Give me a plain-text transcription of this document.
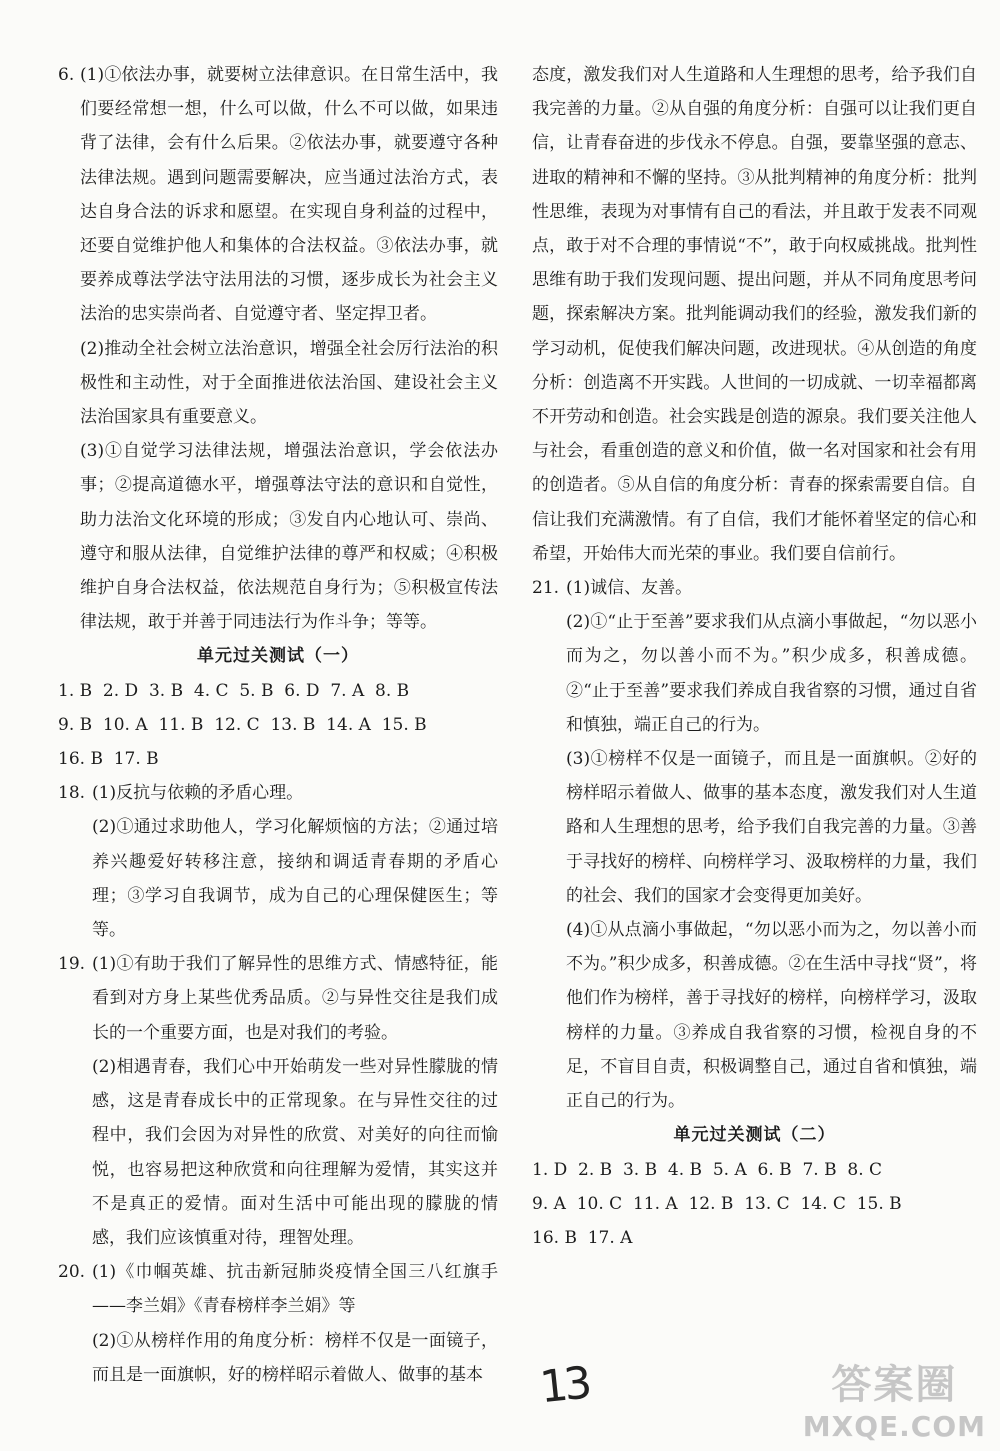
6. (1)①依法办事，就要树立法律意识。在日常生活中，我们要经常想一想，什么可以做，什么不可以做，如果违背了法律，会有什么后果。②依法办事，就要遵守各种法律法规。遇到问题需要解决，应当通过法治方式，表达自身合法的诉求和愿望。在实现自身利益的过程中，还要自觉维护他人和集体的合法权益。③依法办事，就要养成尊法学法守法用法的习惯，逐步成长为社会主义法治的忠实崇尚者、自觉遵守者、坚定捍卫者。

(2)推动全社会树立法治意识，增强全社会厉行法治的积极性和主动性，对于全面推进依法治国、建设社会主义法治国家具有重要意义。

(3)①自觉学习法律法规，增强法治意识，学会依法办事；②提高道德水平，增强尊法守法的意识和自觉性，助力法治文化环境的形成；③发自内心地认可、崇尚、遵守和服从法律，自觉维护法律的尊严和权威；④积极维护自身合法权益，依法规范自身行为；⑤积极宣传法律法规，敢于并善于同违法行为作斗争；等等。

单元过关测试（一）
1. B  2. D  3. B  4. C  5. B  6. D  7. A  8. B
9. B  10. A  11. B  12. C  13. B  14. A  15. B
16. B  17. B
18. (1)反抗与依赖的矛盾心理。

(2)①通过求助他人，学习化解烦恼的方法；②通过培养兴趣爱好转移注意，接纳和调适青春期的矛盾心理；③学习自我调节，成为自己的心理保健医生；等等。

19. (1)①有助于我们了解异性的思维方式、情感特征，能看到对方身上某些优秀品质。②与异性交往是我们成长的一个重要方面，也是对我们的考验。

(2)相遇青春，我们心中开始萌发一些对异性朦胧的情感，这是青春成长中的正常现象。在与异性交往的过程中，我们会因为对异性的欣赏、对美好的向往而愉悦，也容易把这种欣赏和向往理解为爱情，其实这并不是真正的爱情。面对生活中可能出现的朦胧的情感，我们应该慎重对待，理智处理。

20. (1)《巾帼英雄、抗击新冠肺炎疫情全国三八红旗手——李兰娟》《青春榜样李兰娟》等

(2)①从榜样作用的角度分析：榜样不仅是一面镜子，而且是一面旗帜，好的榜样昭示着做人、做事的基本

态度，激发我们对人生道路和人生理想的思考，给予我们自我完善的力量。②从自强的角度分析：自强可以让我们更自信，让青春奋进的步伐永不停息。自强，要靠坚强的意志、进取的精神和不懈的坚持。③从批判精神的角度分析：批判性思维，表现为对事情有自己的看法，并且敢于发表不同观点，敢于对不合理的事情说“不”，敢于向权威挑战。批判性思维有助于我们发现问题、提出问题，并从不同角度思考问题，探索解决方案。批判能调动我们的经验，激发我们新的学习动机，促使我们解决问题，改进现状。④从创造的角度分析：创造离不开实践。人世间的一切成就、一切幸福都离不开劳动和创造。社会实践是创造的源泉。我们要关注他人与社会，看重创造的意义和价值，做一名对国家和社会有用的创造者。⑤从自信的角度分析：青春的探索需要自信。自信让我们充满激情。有了自信，我们才能怀着坚定的信心和希望，开始伟大而光荣的事业。我们要自信前行。

21. (1)诚信、友善。

(2)①“止于至善”要求我们从点滴小事做起，“勿以恶小而为之，勿以善小而不为。”积少成多，积善成德。②“止于至善”要求我们养成自我省察的习惯，通过自省和慎独，端正自己的行为。

(3)①榜样不仅是一面镜子，而且是一面旗帜。②好的榜样昭示着做人、做事的基本态度，激发我们对人生道路和人生理想的思考，给予我们自我完善的力量。③善于寻找好的榜样、向榜样学习、汲取榜样的力量，我们的社会、我们的国家才会变得更加美好。

(4)①从点滴小事做起，“勿以恶小而为之，勿以善小而不为。”积少成多，积善成德。②在生活中寻找“贤”，将他们作为榜样，善于寻找好的榜样，向榜样学习，汲取榜样的力量。③养成自我省察的习惯，检视自身的不足，不盲目自责，积极调整自己，通过自省和慎独，端正自己的行为。

单元过关测试（二）
1. D  2. B  3. B  4. B  5. A  6. B  7. B  8. C
9. A  10. C  11. A  12. B  13. C  14. C  15. B
16. B  17. A
13	答案圈
MXQE.COM
